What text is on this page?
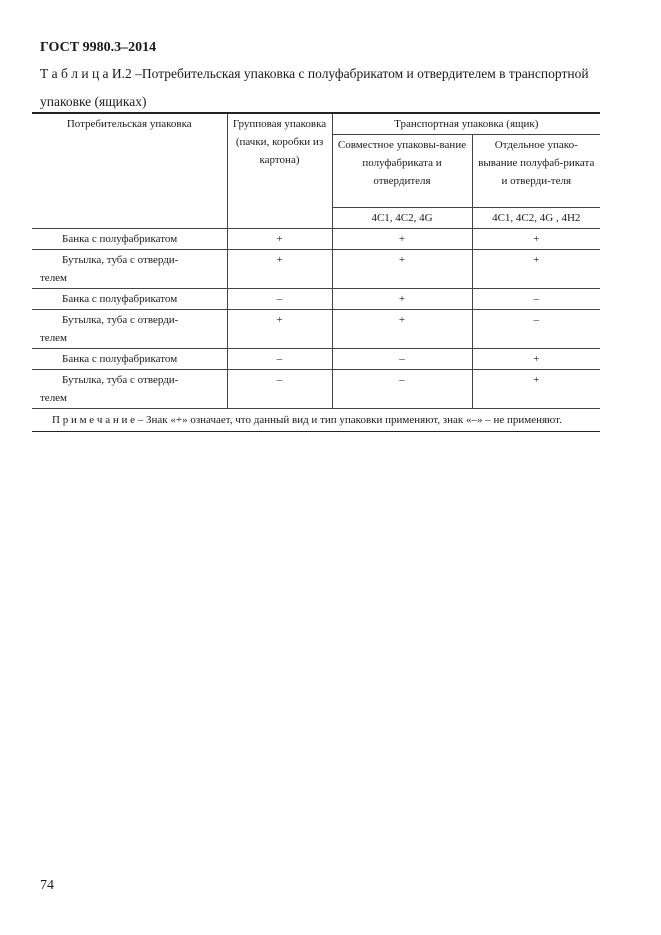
ГОСТ 9980.3–2014
Т а б л и ц а И.2 –Потребительская упаковка с полуфабрикатом и отвердителем в транспортной упаковке (ящиках)
Потребительская упаковка	Групповая упаковка (пачки, коробки из картона)	Транспортная упаковка (ящик)	
		Совместное упаковы-вание полуфабриката и отвердителя	Отдельное упако-вывание полуфаб-риката и отверди-теля
		4С1, 4С2, 4G	4С1, 4С2, 4G , 4H2
Банка с полуфабрикатом	+	+	+
Бутылка, туба с отверди-
телем	+	+	+
Банка с полуфабрикатом	–	+	–
Бутылка, туба с отверди-
телем	+	+	–
Банка с полуфабрикатом	–	–	+
Бутылка, туба с отверди-
телем	–	–	+
П р и м е ч а н и е – Знак «+» означает, что данный вид и тип упаковки применяют, знак «–» – не применяют.			
74
